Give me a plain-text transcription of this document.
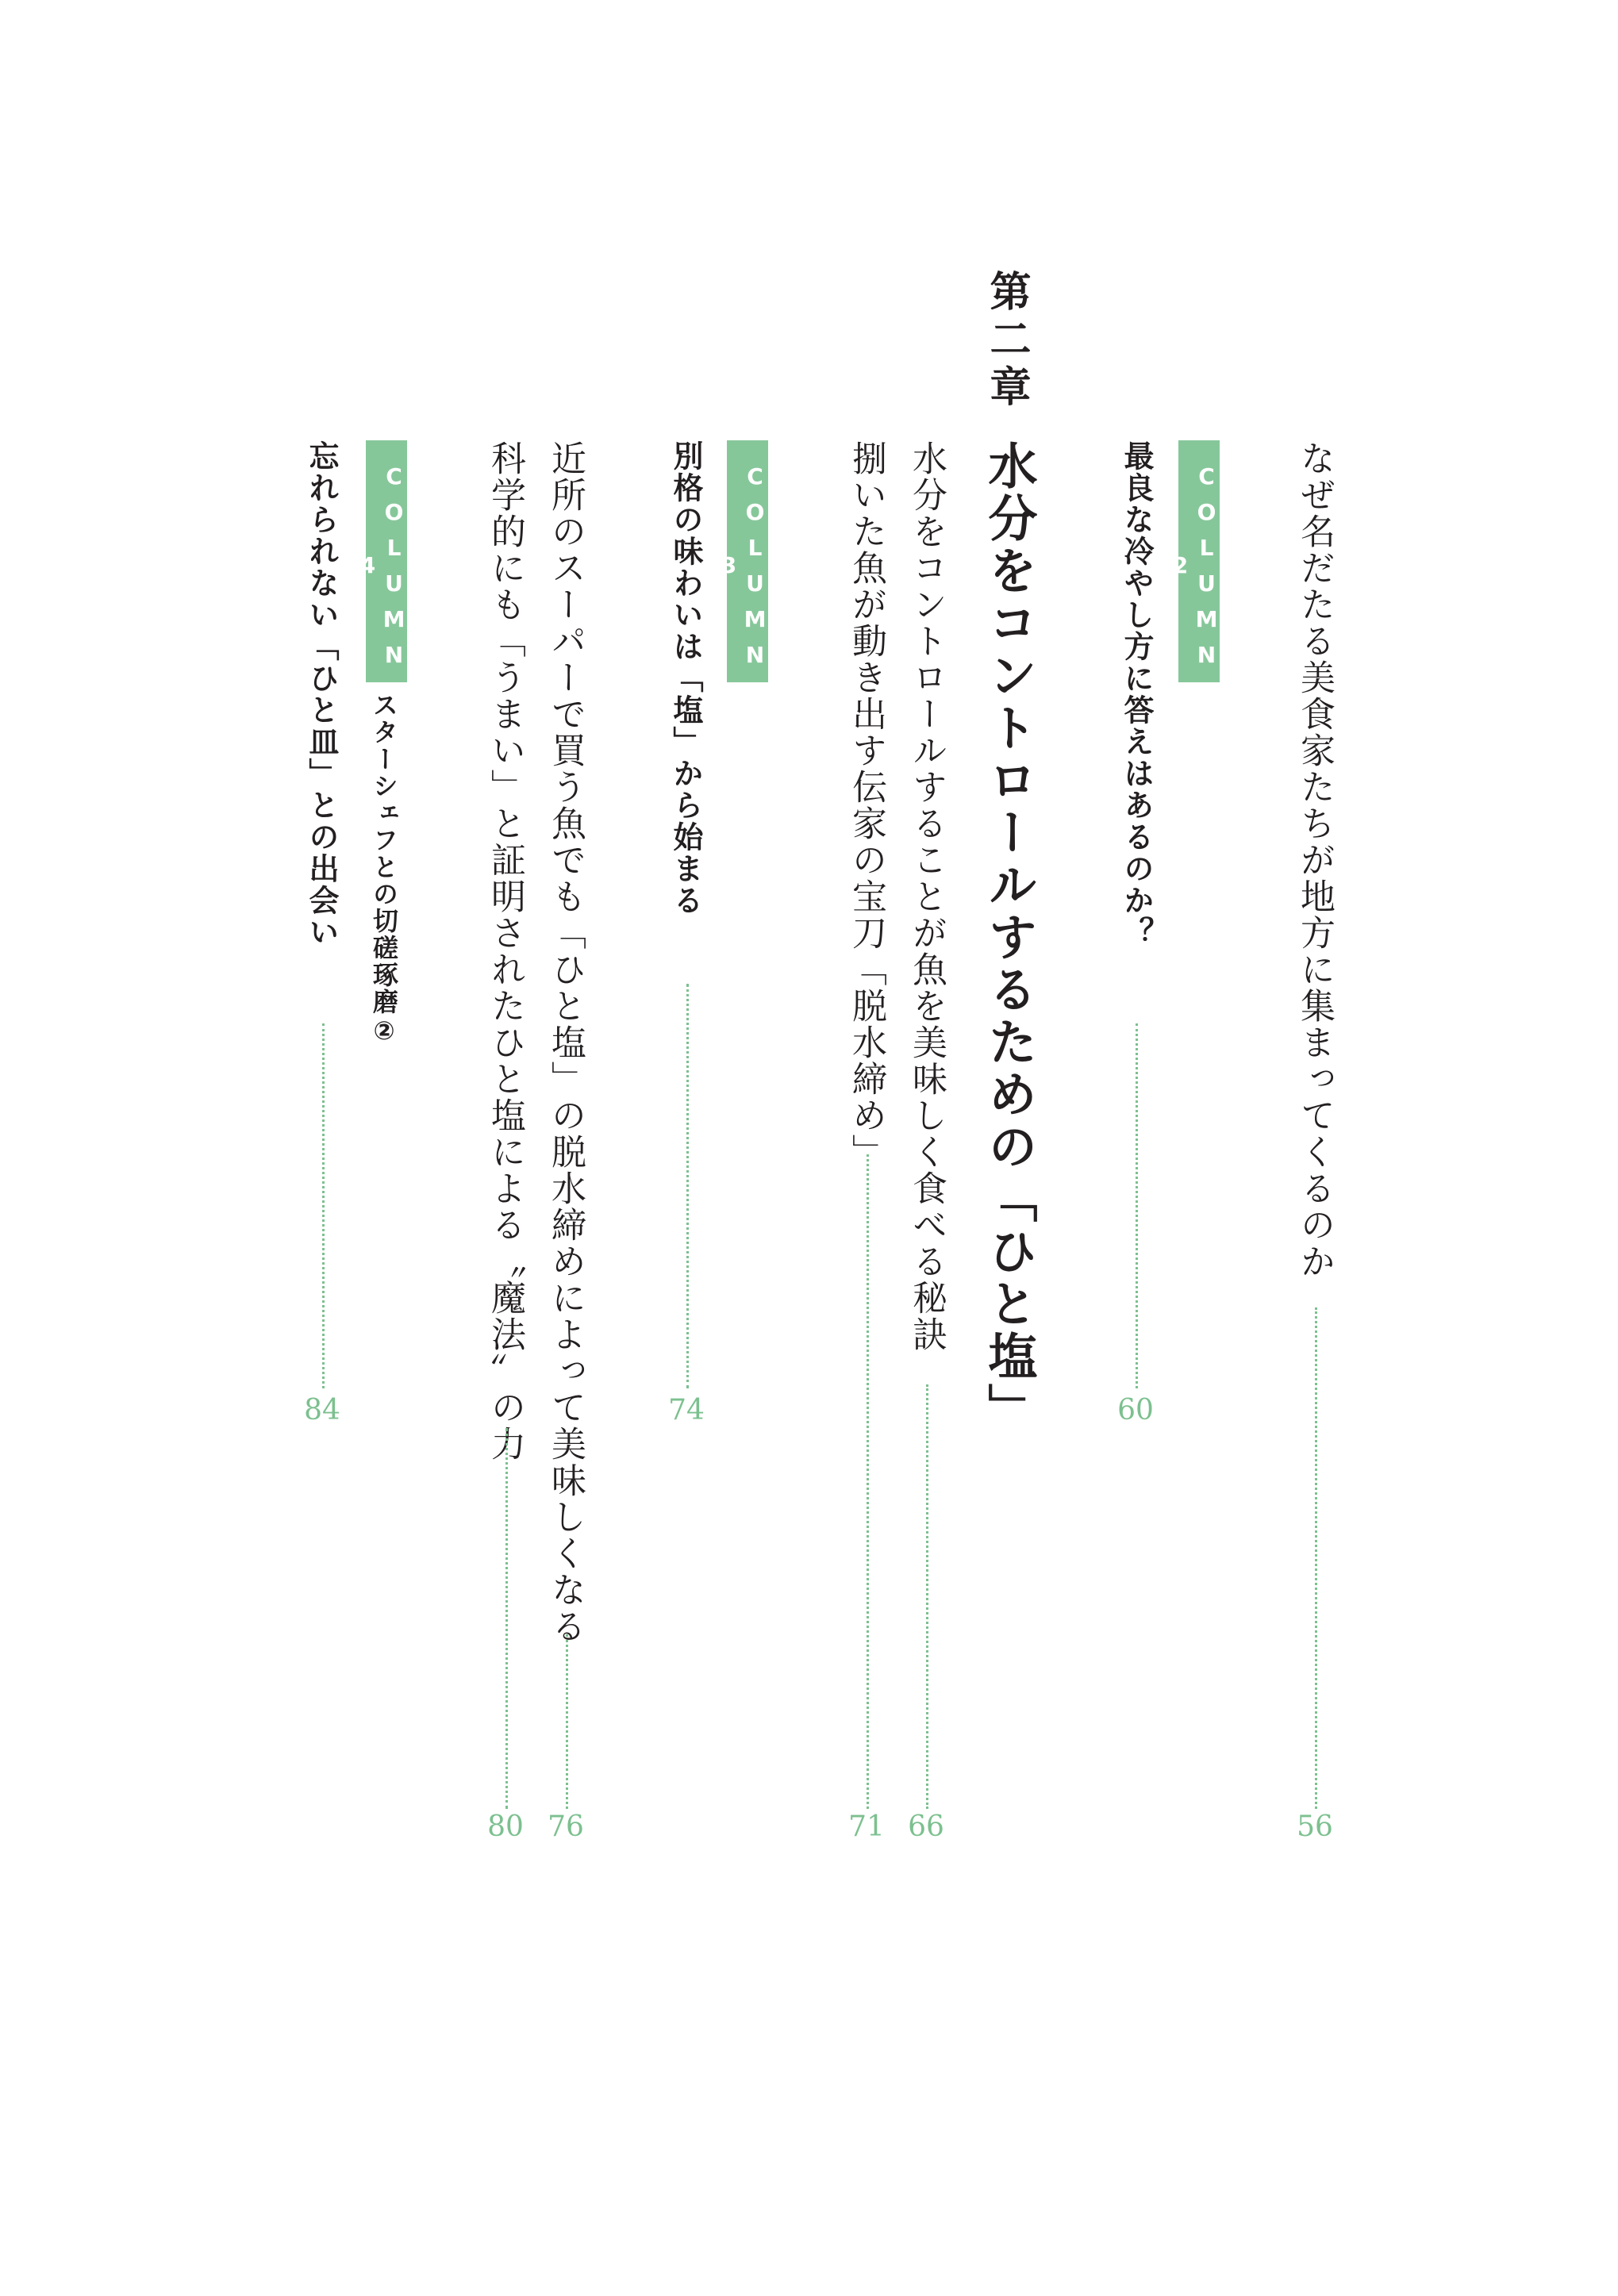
なぜ名だたる美食家たちが地方に集まってくるのか
56
COLUMN 2
最良な冷やし方に答えはあるのか？
60
第二章
水分をコントロールするための「ひと塩」
水分をコントロールすることが魚を美味しく食べる秘訣
66
捌いた魚が動き出す伝家の宝刀「脱水締め」
71
COLUMN 3
別格の味わいは「塩」から始まる
74
近所のスーパーで買う魚でも「ひと塩」の脱水締めによって美味しくなる
76
科学的にも「うまい」と証明されたひと塩による〝魔法〟の力
80
COLUMN 4
スターシェフとの切磋琢磨②
忘れられない「ひと皿」との出会い
84
